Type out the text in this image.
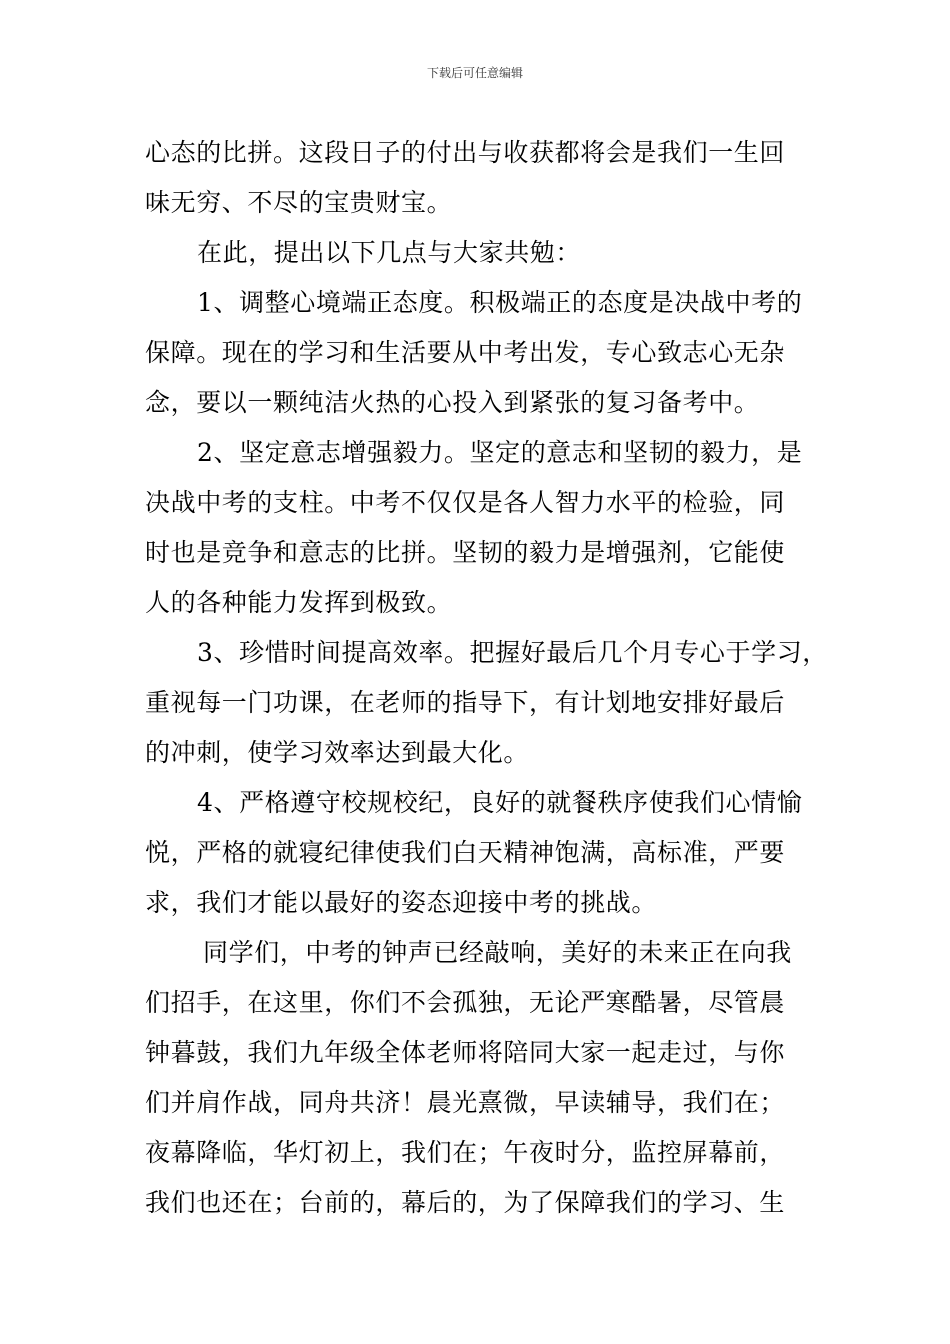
下载后可任意编辑
心态的比拼。这段日子的付出与收获都将会是我们一生回
味无穷、不尽的宝贵财宝。
在此，提出以下几点与大家共勉：
1、调整心境端正态度。积极端正的态度是决战中考的
保障。现在的学习和生活要从中考出发，专心致志心无杂
念，要以一颗纯洁火热的心投入到紧张的复习备考中。
2、坚定意志增强毅力。坚定的意志和坚韧的毅力，是
决战中考的支柱。中考不仅仅是各人智力水平的检验，同
时也是竞争和意志的比拼。坚韧的毅力是增强剂，它能使
人的各种能力发挥到极致。
3、珍惜时间提高效率。把握好最后几个月专心于学习，
重视每一门功课，在老师的指导下，有计划地安排好最后
的冲刺，使学习效率达到最大化。
4、严格遵守校规校纪，良好的就餐秩序使我们心情愉
悦，严格的就寝纪律使我们白天精神饱满，高标准，严要
求，我们才能以最好的姿态迎接中考的挑战。
同学们，中考的钟声已经敲响，美好的未来正在向我
们招手，在这里，你们不会孤独，无论严寒酷暑，尽管晨
钟暮鼓，我们九年级全体老师将陪同大家一起走过，与你
们并肩作战，同舟共济！晨光熹微，早读辅导，我们在；
夜幕降临，华灯初上，我们在；午夜时分，监控屏幕前，
我们也还在；台前的，幕后的，为了保障我们的学习、生
